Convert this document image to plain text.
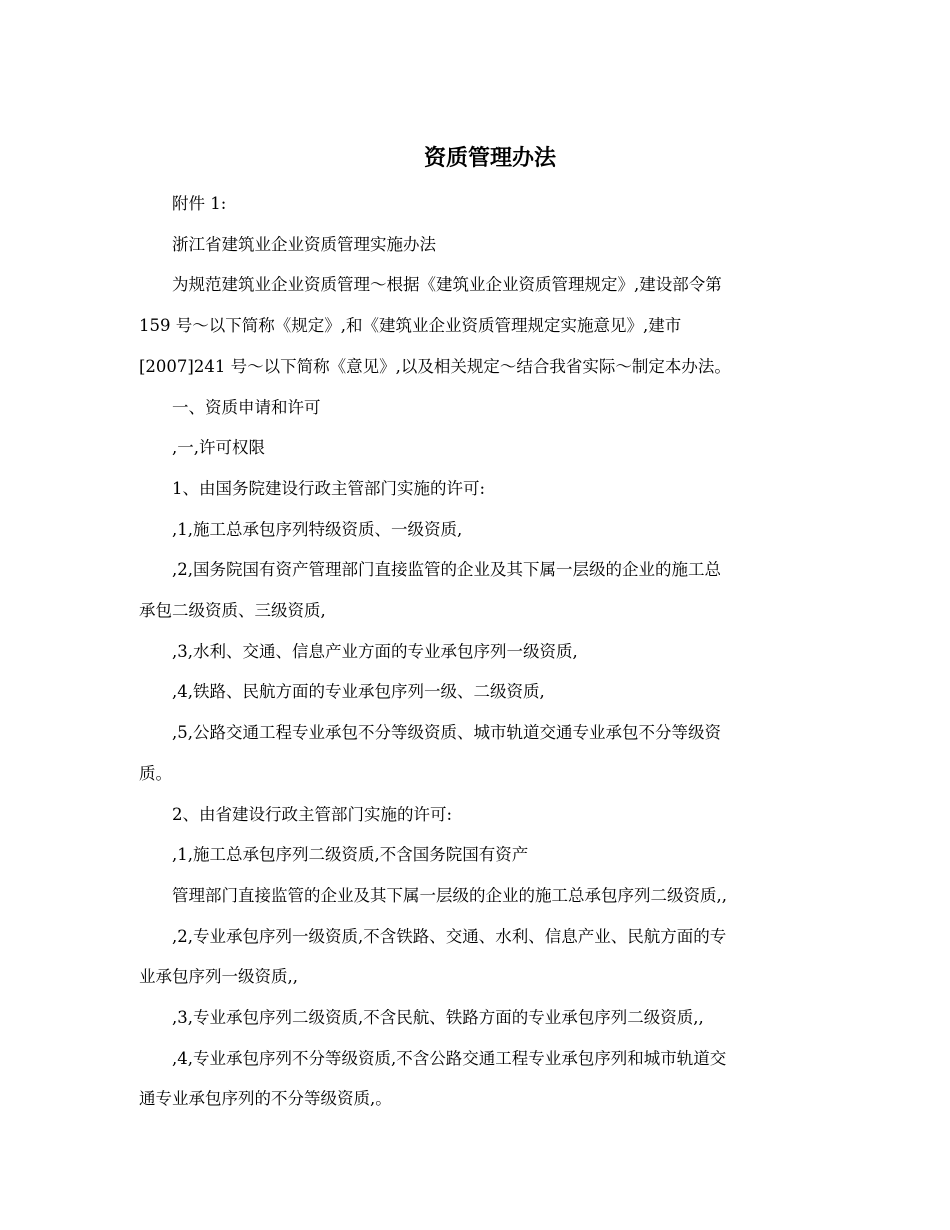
资质管理办法

附件 1:

浙江省建筑业企业资质管理实施办法

为规范建筑业企业资质管理～根据《建筑业企业资质管理规定》,建设部令第
159 号～以下简称《规定》,和《建筑业企业资质管理规定实施意见》,建市
[2007]241 号～以下简称《意见》,以及相关规定～结合我省实际～制定本办法。

一、资质申请和许可

,一,许可权限

1、由国务院建设行政主管部门实施的许可:

,1,施工总承包序列特级资质、一级资质,

,2,国务院国有资产管理部门直接监管的企业及其下属一层级的企业的施工总
承包二级资质、三级资质,

,3,水利、交通、信息产业方面的专业承包序列一级资质,

,4,铁路、民航方面的专业承包序列一级、二级资质,

,5,公路交通工程专业承包不分等级资质、城市轨道交通专业承包不分等级资
质。

2、由省建设行政主管部门实施的许可:

,1,施工总承包序列二级资质,不含国务院国有资产

管理部门直接监管的企业及其下属一层级的企业的施工总承包序列二级资质,,

,2,专业承包序列一级资质,不含铁路、交通、水利、信息产业、民航方面的专
业承包序列一级资质,,

,3,专业承包序列二级资质,不含民航、铁路方面的专业承包序列二级资质,,

,4,专业承包序列不分等级资质,不含公路交通工程专业承包序列和城市轨道交
通专业承包序列的不分等级资质,。
